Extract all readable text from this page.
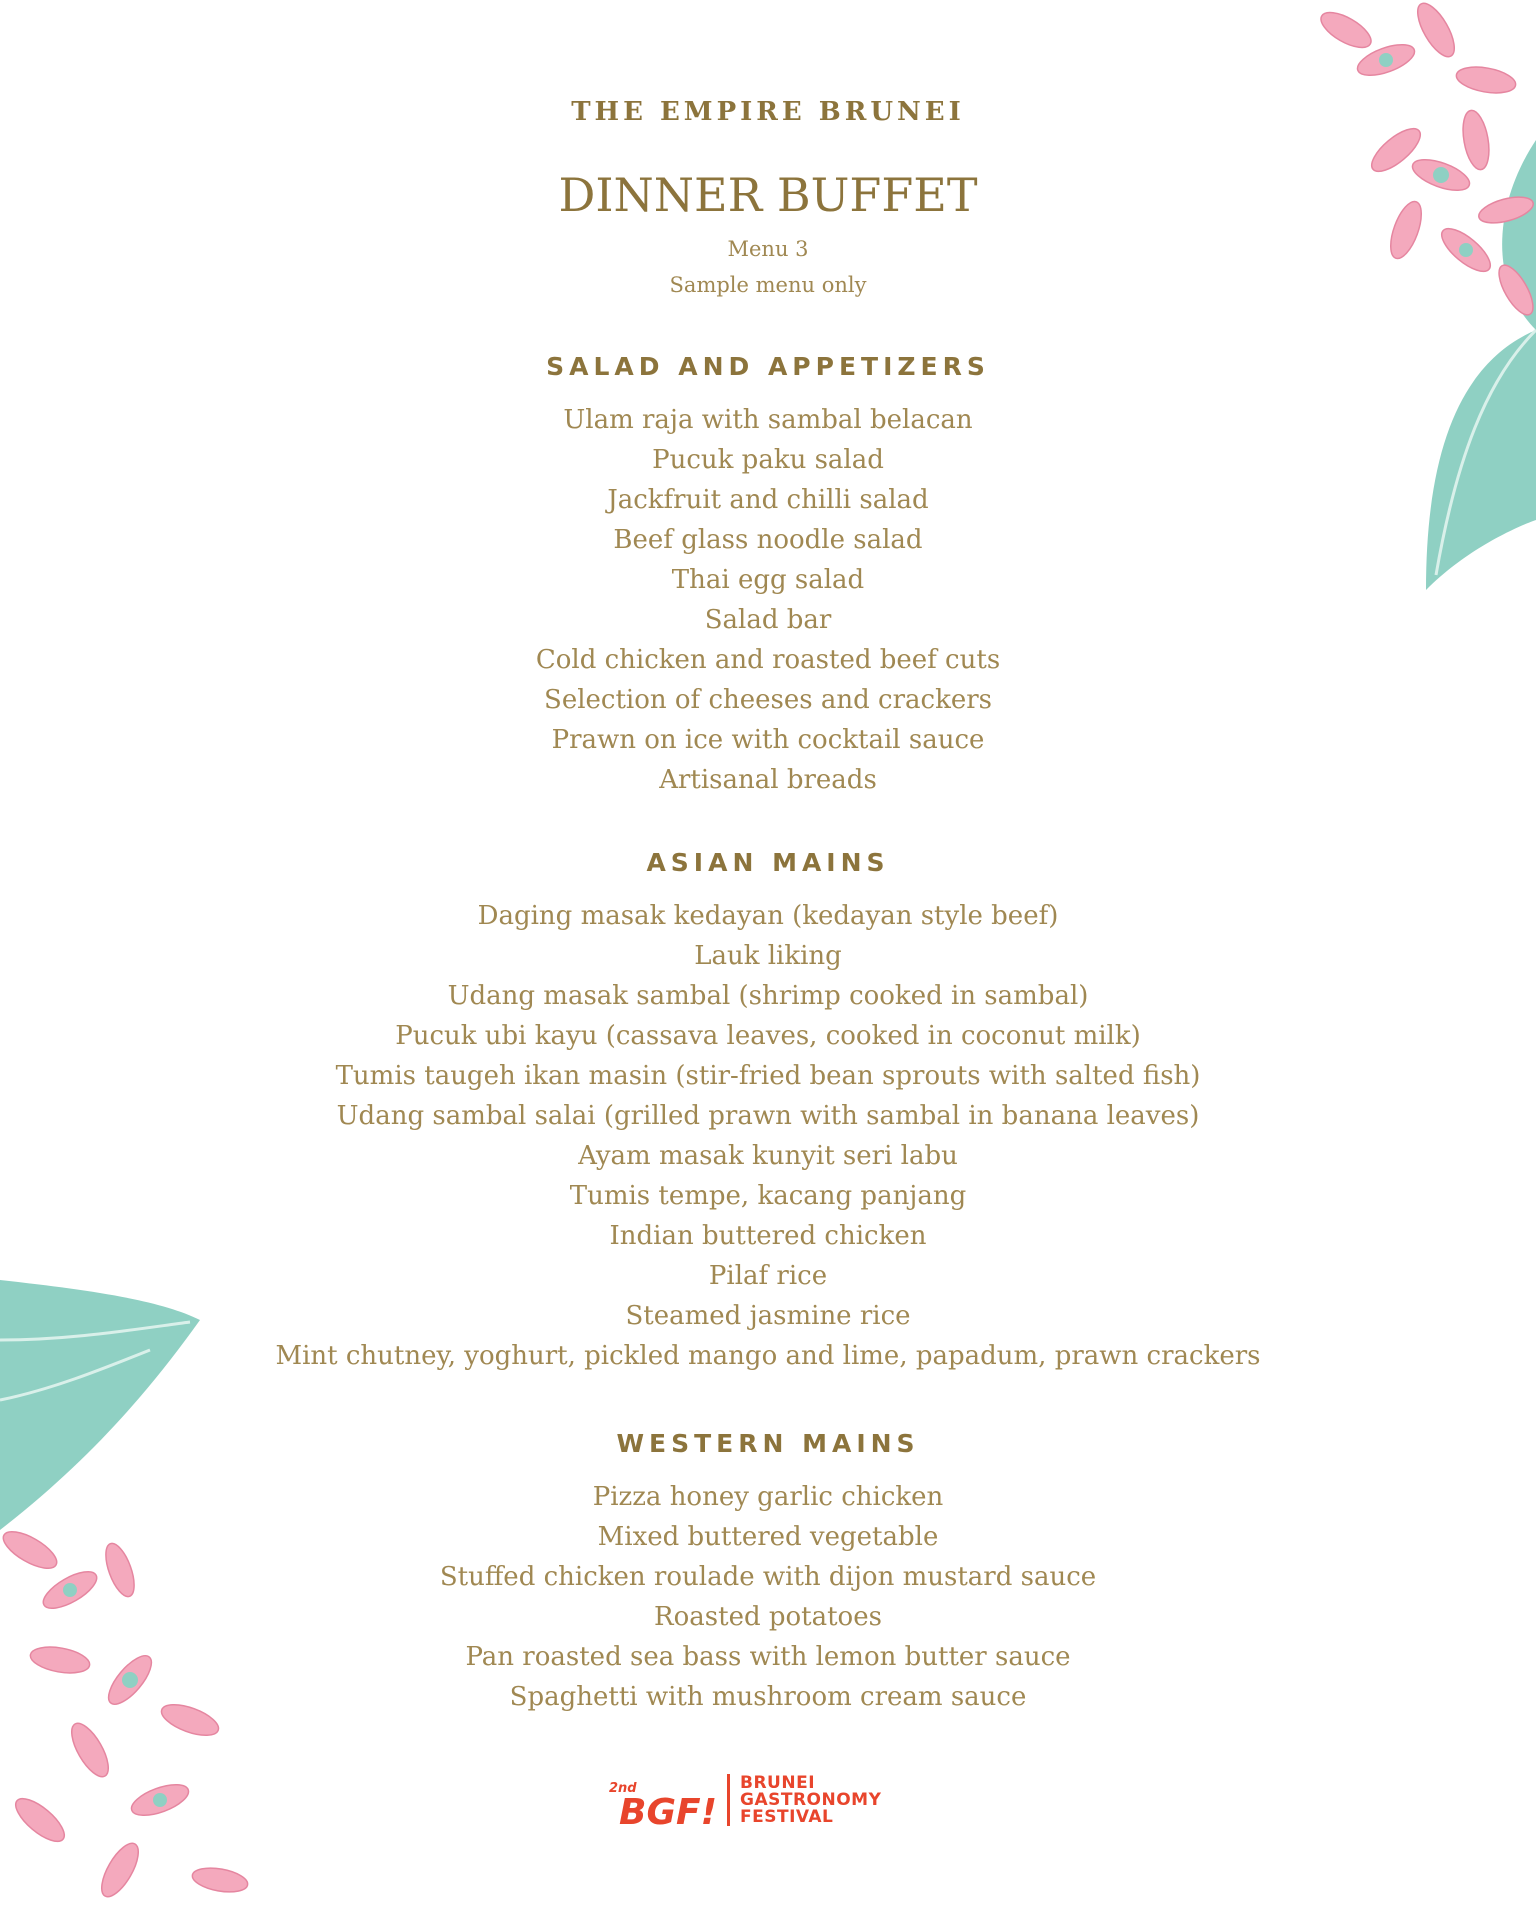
THE EMPIRE BRUNEI
DINNER BUFFET
Menu 3
Sample menu only
SALAD AND APPETIZERS
Ulam raja with sambal belacan
Pucuk paku salad
Jackfruit and chilli salad
Beef glass noodle salad
Thai egg salad
Salad bar
Cold chicken and roasted beef cuts
Selection of cheeses and crackers
Prawn on ice with cocktail sauce
Artisanal breads
ASIAN MAINS
Daging masak kedayan (kedayan style beef)
Lauk liking
Udang masak sambal (shrimp cooked in sambal)
Pucuk ubi kayu (cassava leaves, cooked in coconut milk)
Tumis taugeh ikan masin (stir-fried bean sprouts with salted fish)
Udang sambal salai (grilled prawn with sambal in banana leaves)
Ayam masak kunyit seri labu
Tumis tempe, kacang panjang
Indian buttered chicken
Pilaf rice
Steamed jasmine rice
Mint chutney, yoghurt, pickled mango and lime, papadum, prawn crackers
WESTERN MAINS
Pizza honey garlic chicken
Mixed buttered vegetable
Stuffed chicken roulade with dijon mustard sauce
Roasted potatoes
Pan roasted sea bass with lemon butter sauce
Spaghetti with mushroom cream sauce
2nd
BGF!
BRUNEI
GASTRONOMY
FESTIVAL
